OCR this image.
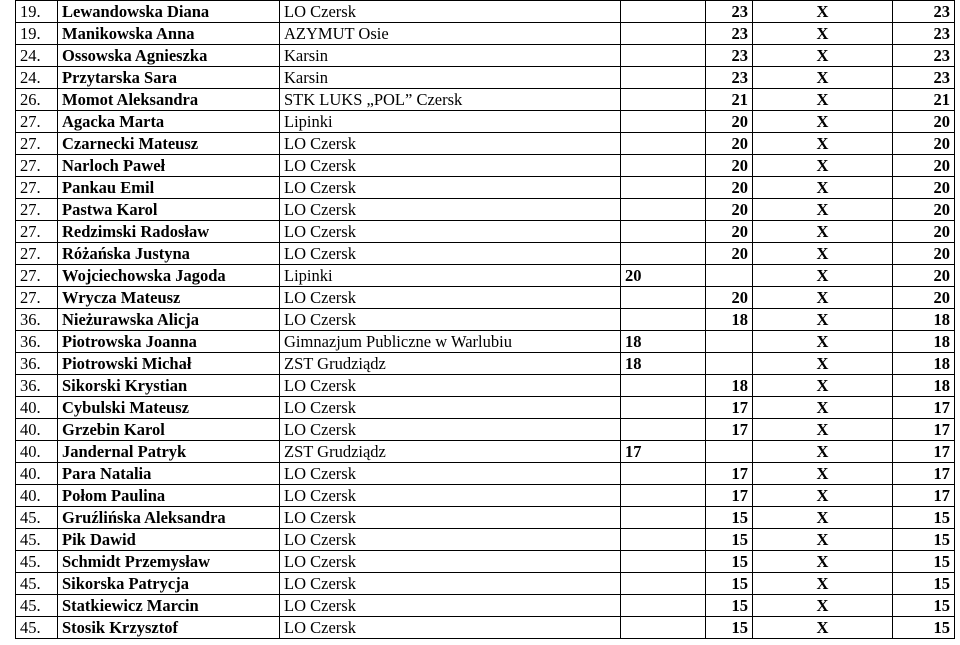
19.	Lewandowska Diana	LO Czersk		23	X	23
19.	Manikowska Anna	AZYMUT Osie		23	X	23
24.	Ossowska Agnieszka	Karsin		23	X	23
24.	Przytarska Sara	Karsin		23	X	23
26.	Momot Aleksandra	STK LUKS „POL” Czersk		21	X	21
27.	Agacka Marta	Lipinki		20	X	20
27.	Czarnecki Mateusz	LO Czersk		20	X	20
27.	Narloch Paweł	LO Czersk		20	X	20
27.	Pankau Emil	LO Czersk		20	X	20
27.	Pastwa Karol	LO Czersk		20	X	20
27.	Redzimski Radosław	LO Czersk		20	X	20
27.	Różańska Justyna	LO Czersk		20	X	20
27.	Wojciechowska Jagoda	Lipinki	20		X	20
27.	Wrycza Mateusz	LO Czersk		20	X	20
36.	Nieżurawska Alicja	LO Czersk		18	X	18
36.	Piotrowska Joanna	Gimnazjum Publiczne w Warlubiu	18		X	18
36.	Piotrowski Michał	ZST Grudziądz	18		X	18
36.	Sikorski Krystian	LO Czersk		18	X	18
40.	Cybulski Mateusz	LO Czersk		17	X	17
40.	Grzebin Karol	LO Czersk		17	X	17
40.	Jandernal Patryk	ZST Grudziądz	17		X	17
40.	Para Natalia	LO Czersk		17	X	17
40.	Połom Paulina	LO Czersk		17	X	17
45.	Gruźlińska Aleksandra	LO Czersk		15	X	15
45.	Pik Dawid	LO Czersk		15	X	15
45.	Schmidt Przemysław	LO Czersk		15	X	15
45.	Sikorska Patrycja	LO Czersk		15	X	15
45.	Statkiewicz Marcin	LO Czersk		15	X	15
45.	Stosik Krzysztof	LO Czersk		15	X	15
